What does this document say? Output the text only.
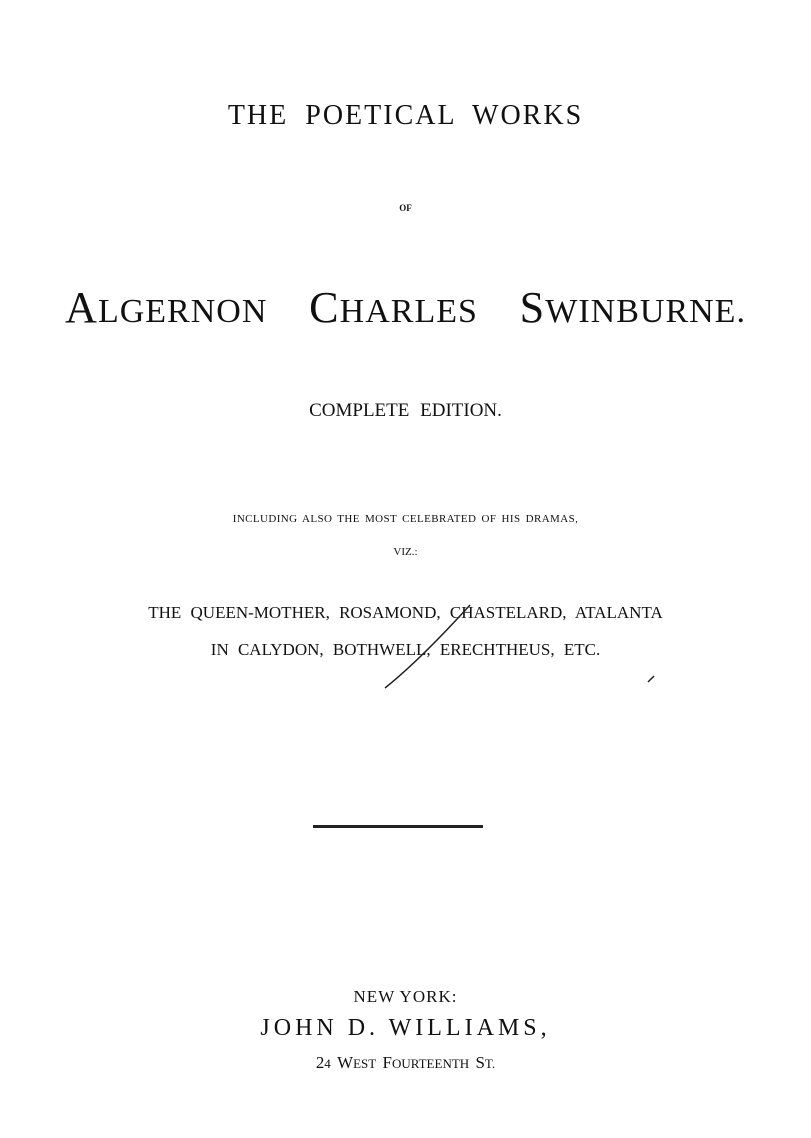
THE POETICAL WORKS
OF
ALGERNON CHARLES SWINBURNE.
COMPLETE EDITION.
INCLUDING ALSO THE MOST CELEBRATED OF HIS DRAMAS,
VIZ.:
THE QUEEN-MOTHER, ROSAMOND, CHASTELARD, ATALANTA
IN CALYDON, BOTHWELL, ERECHTHEUS, ETC.
NEW YORK:
JOHN D. WILLIAMS,
24 WEST FOURTEENTH ST.
